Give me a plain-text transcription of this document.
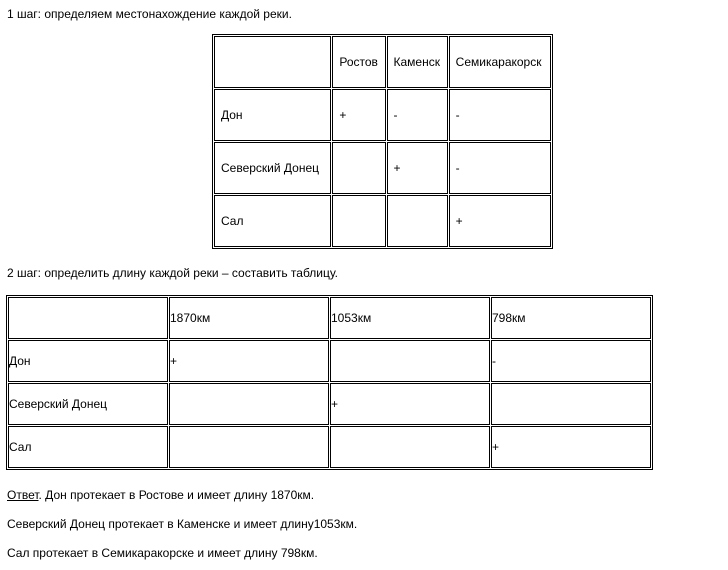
1 шаг: определяем местонахождение каждой реки.
	Ростов	Каменск	Семикаракорск
Дон	+	-	-
Северский Донец		+	-
Сал			+
2 шаг: определить длину каждой реки – составить таблицу.
	1870км	1053км	798км
Дон	+		-
Северский Донец		+	
Сал			+
Ответ. Дон протекает в Ростове и имеет длину 1870км.
Северский Донец протекает в Каменске и имеет длину1053км.
Сал протекает в Семикаракорске и имеет длину 798км.
